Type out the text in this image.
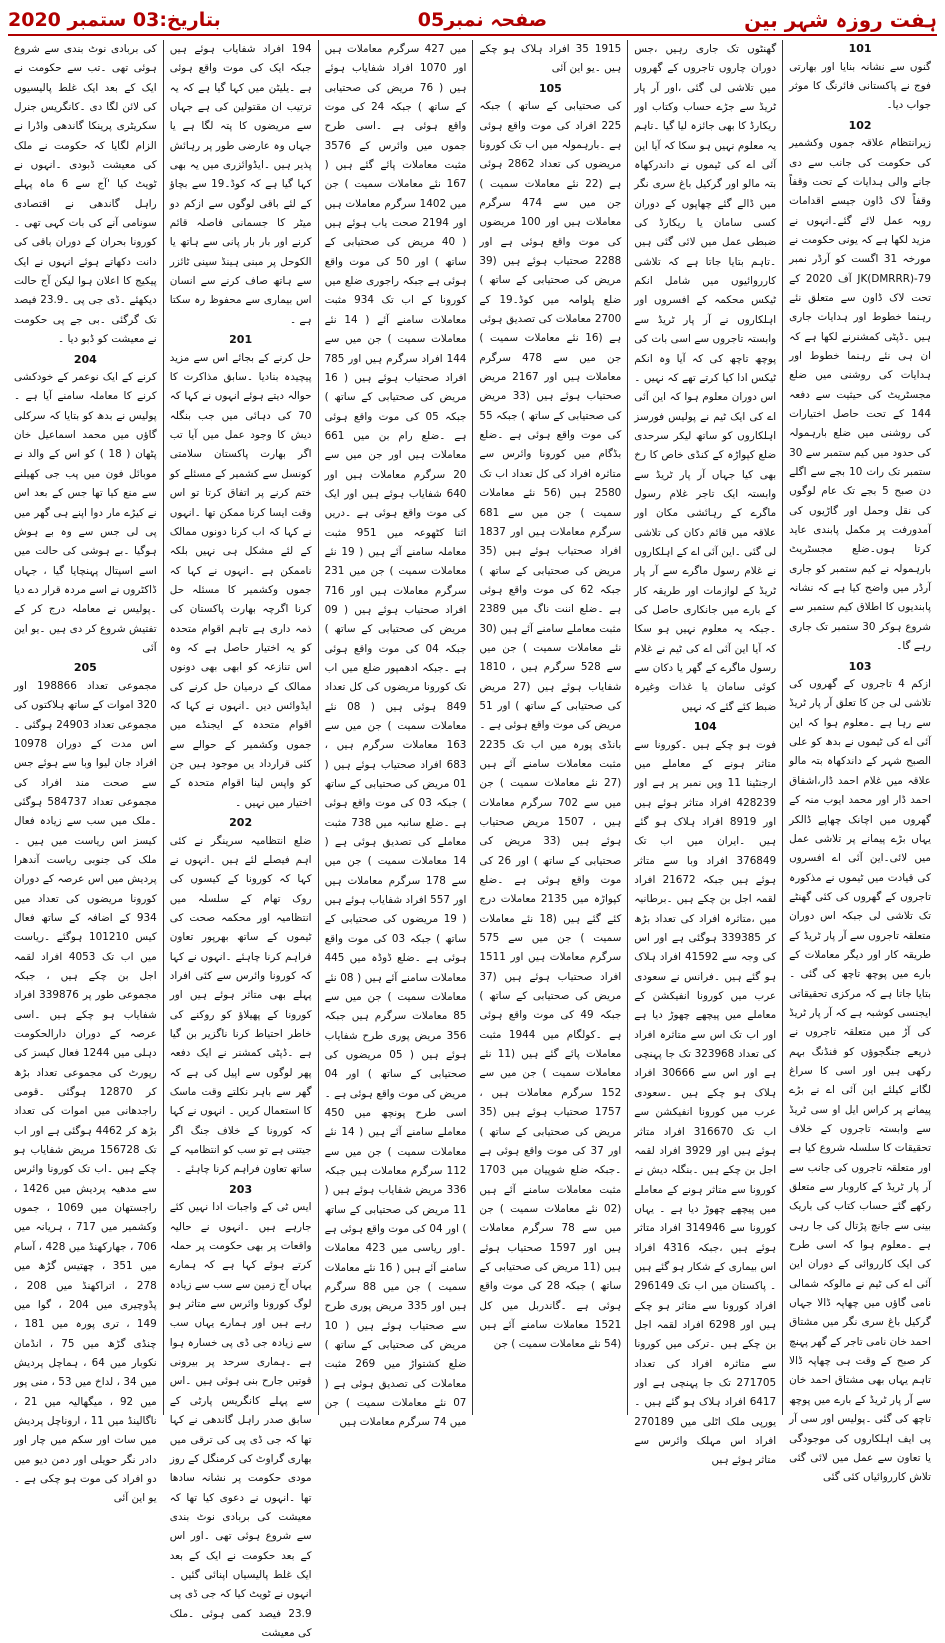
ہفت روزہ شہر بین
صفحہ نمبر05
بتاریخ:03 ستمبر 2020
101
گنوں سے نشانہ بنایا اور بھارتی فوج نے پاکستانی فائرنگ کا موثر جواب دیا۔
102
زیرانتظام علاقہ جموں وکشمیر کی حکومت کی جانب سے دی جانے والی ہدایات کے تحت وقفاً وقفاً لاک ڈاون جیسے اقدامات روبہ عمل لائے گئے۔انہوں نے مزید لکھا ہے کہ یونی حکومت نے مورخہ 31 اگست کو آرڈر نمبر 79-JK(DMRRR) آف 2020 کے تحت لاک ڈاون سے متعلق نئے رہنما خطوط اور ہدایات جاری ہیں ۔ڈپٹی کمشنرنے لکھا ہے کہ ان ہی نئے رہنما خطوط اور ہدایات کی روشنی میں ضلع مجسٹریٹ کی حیثیت سے دفعہ 144 کے تحت حاصل اختیارات کی روشنی میں ضلع بارہمولہ کی حدود میں کیم ستمبر سے 30 ستمبر تک رات 10 بجے سے اگلے دن صبح 5 بجے تک عام لوگوں کی نقل وحمل اور گاڑیوں کی آمدورفت پر مکمل پابندی عاید کرتا ہوں۔ضلع مجسٹریٹ بارہمولہ نے کیم ستمبر کو جاری آرڈر میں واضح کیا ہے کہ نشانہ پابندیوں کا اطلاق کیم ستمبر سے شروع ہوکر 30 ستمبر تک جاری رہے گا۔
103
ازکم 4 تاجروں کے گھروں کی تلاشی لی جن کا تعلق آر پار ٹریڈ سے رہا ہے ۔معلوم ہوا کہ این آئی اے کی ٹیموں نے بدھ کو علی الصبح شہر کے داندکھاہ بتہ مالو علاقہ میں غلام احمد ڈار،اشفاق احمد ڈار اور محمد ایوب منہ کے گھروں میں اچانک چھاپے ڈالکر یہاں بڑے پیمانے پر تلاشی عمل میں لائی۔این آئی اے افسروں کی قیادت میں ٹیموں نے مذکورہ تاجروں کے گھروں کی کئی گھنٹے تک تلاشی لی جبکہ اس دوران متعلقہ تاجروں سے آر پار ٹریڈ کے طریقہ کار اور دیگر معاملات کے بارے میں پوچھ تاچھ کی گئی ۔بتایا جاتا ہے کہ مرکزی تحقیقاتی ایجنسی کوشبہ ہے کہ آر پار ٹریڈ کی آڑ میں متعلقہ تاجروں نے ذریعے جنگجوؤں کو فنڈنگ بہم رکھی ہیں اور اسی کا سراغ لگانے کیلئے این آئی اے نے بڑے پیمانے پر کراس ایل او سی ٹریڈ سے وابستہ تاجروں کے خلاف تحقیقات کا سلسلہ شروع کیا ہے اور متعلقہ تاجروں کی جانب سے آر پار ٹریڈ کے کاروبار سے متعلق رکھے گئے حساب کتاب کی باریک بینی سے جانچ پڑتال کی جا رہی ہے ۔معلوم ہوا کہ اسی طرح کی ایک کارروائی کے دوران این آئی اے کی ٹیم نے مالوکہ شمالی نامی گاؤں میں چھاپہ ڈالا جہاں گرکیل باغ سری نگر میں مشتاق احمد خان نامی تاجر کے گھر پہنچ کر صبح کے وقت ہی چھاپہ ڈالا تاہم یہاں بھی مشتاق احمد خان سے آر پار ٹریڈ کے بارے میں پوچھ تاچھ کی گئی ۔پولیس اور سی آر پی ایف اہلکاروں کی موجودگی یا تعاون سے عمل میں لائی گئی تلاش کارروائیاں کئی گئی
گھنٹوں تک جاری رہیں ،جس دوران چاروں تاجروں کے گھروں میں تلاشی لی گئی ،اور آر پار ٹریڈ سے جڑے حساب وکتاب اور ریکارڈ کا بھی جائزہ لیا گیا ۔تاہم یہ معلوم نہیں ہو سکا کہ آیا این آئی اے کی ٹیموں نے داندرکھاہ بتہ مالو اور گرکیل باغ سری نگر میں ڈالے گئے چھاپوں کے دوران کسی سامان یا ریکارڈ کی ضبطی عمل میں لائی گئی ہیں ۔تاہم بتایا جاتا ہے کہ تلاشی کارروائیوں میں شامل انکم ٹیکس محکمہ کے افسروں اور اہلکاروں نے آر پار ٹریڈ سے وابستہ تاجروں سے اسی بات کی پوچھ تاچھ کی کہ آیا وہ انکم ٹیکس ادا کیا کرتے تھے کہ نہیں ۔اس دوران معلوم ہوا کہ این آئی اے کی ایک ٹیم نے پولیس فورسز اہلکاروں کو ساتھ لیکر سرحدی ضلع کپواڑہ کے کنڈی خاص کا رخ بھی کیا جہاں آر پار ٹریڈ سے وابستہ ایک تاجر غلام رسول ماگرے کے رہائشی مکان اور علاقہ میں قائم دکان کی تلاشی لی گئی ۔این آئی اے کے اہلکاروں نے غلام رسول ماگرے سے آر پار ٹریڈ کے لوازمات اور طریقہ کار کے بارے میں جانکاری حاصل کی ۔جبکہ یہ معلوم نہیں ہو سکا کہ آیا این آئی اے کی ٹیم نے غلام رسول ماگرے کے گھر یا دکان سے کوئی سامان یا غذات وغیرہ ضبط کئے گئے کہ نہیں
104
فوت ہو چکے ہیں ۔کورونا سے متاثر ہونے کے معاملے میں ارجنٹینا 11 ویں نمبر پر ہے اور 428239 افراد متاثر ہوئے ہیں اور 8919 افراد ہلاک ہو گئے ہیں ۔ایران میں اب تک 376849 افراد وبا سے متاثر ہوئے ہیں جبکہ 21672 افراد لقمہ اجل بن چکے ہیں ۔برطانیہ میں ،متاثرہ افراد کی تعداد بڑھ کر 339385 ہوگئی ہے اور اس کی وجہ سے 41592 افراد ہلاک ہو گئے ہیں ۔فرانس نے سعودی عرب میں کورونا انفیکشن کے معاملے میں پیچھے چھوڑ دیا ہے اور اب تک اس سے متاثرہ افراد کی تعداد 323968 تک جا پہنچی ہے اور اس سے 30666 افراد ہلاک ہو چکے ہیں ۔سعودی عرب میں کورونا انفیکشن سے اب تک 316670 افراد متاثر ہوئے ہیں اور 3929 افراد لقمہ اجل بن چکے ہیں ۔بنگلہ دیش نے کورونا سے متاثر ہونے کے معاملے میں پیچھے چھوڑ دیا ہے ۔ یہاں کورونا سے 314946 افراد متاثر ہوئے ہیں ،جبکہ 4316 افراد اس بیماری کے شکار ہو گئے ہیں ۔ پاکستان میں اب تک 296149 افراد کورونا سے متاثر ہو چکے ہیں اور 6298 افراد لقمہ اجل بن چکے ہیں ۔ترکی میں کورونا سے متاثرہ افراد کی تعداد 271705 تک جا پہنچی ہے اور 6417 افراد ہلاک ہو گئے ہیں ۔یورپی ملک اٹلی میں 270189 افراد اس مہلک وائرس سے متاثر ہوئے ہیں
1915 35 افراد ہلاک ہو چکے ہیں ۔یو این آئی
105
کی صحتیابی کے ساتھ ) جبکہ 225 افراد کی موت واقع ہوئی ہے ۔بارہمولہ میں اب تک کورونا مریضوں کی تعداد 2862 ہوئی ہے (22 نئے معاملات سمیت ) جن میں سے 474 سرگرم معاملات ہیں اور 100 مریضوں کی موت واقع ہوئی ہے اور 2288 صحتیاب ہوئے ہیں (39 مریض کی صحتیابی کے ساتھ ) ضلع پلوامہ میں کوڈ۔19 کے 2700 معاملات کی تصدیق ہوئی ہے (16 نئے معاملات سمیت ) جن میں سے 478 سرگرم معاملات ہیں اور 2167 مریض صحتیاب ہوئے ہیں (33 مریض کی صحتیابی کے ساتھ ) جبکہ 55 کی موت واقع ہوئی ہے ۔ضلع بڈگام میں کورونا وائرس سے متاثرہ افراد کی کل تعداد اب تک 2580 ہیں (56 نئے معاملات سمیت ) جن میں سے 681 سرگرم معاملات ہیں اور 1837 افراد صحتیاب ہوئے ہیں (35 مریض کی صحتیابی کے ساتھ ) جبکہ 62 کی موت واقع ہوئی ہے ۔ضلع اننت ناگ میں 2389 مثبت معاملے سامنے آئے ہیں (30 نئے معاملات سمیت ) جن میں سے 528 سرگرم ہیں ، 1810 شفایاب ہوئے ہیں (27 مریض کی صحتیابی کے ساتھ ) اور 51 مریض کی موت واقع ہوئی ہے ۔بانڈی پورہ میں اب تک 2235 مثبت معاملات سامنے آئے ہیں (27 نئے معاملات سمیت ) جن میں سے 702 سرگرم معاملات ہیں ، 1507 مریض صحتیاب ہوئے ہیں (33 مریض کی صحتیابی کے ساتھ ) اور 26 کی موت واقع ہوئی ہے ۔ضلع کپواڑہ میں 2135 معاملات درج کئے گئے ہیں (18 نئے معاملات سمیت ) جن میں سے 575 سرگرم معاملات ہیں اور 1511 افراد صحتیاب ہوئے ہیں (37 مریض کی صحتیابی کے ساتھ ) جبکہ 49 کی موت واقع ہوئی ہے ۔کولگام میں 1944 مثبت معاملات پائے گئے ہیں (11 نئے معاملات سمیت ) جن میں سے 152 سرگرم معاملات ہیں ، 1757 صحتیاب ہوئے ہیں (35 مریض کی صحتیابی کے ساتھ ) اور 37 کی موت واقع ہوئی ہے ۔جبکہ ضلع شوپیان میں 1703 مثبت معاملات سامنے آئے ہیں (02 نئے معاملات سمیت ) جن میں سے 78 سرگرم معاملات ہیں اور 1597 صحتیاب ہوئے ہیں (11 مریض کی صحتیابی کے ساتھ ) جبکہ 28 کی موت واقع ہوئی ہے ۔گاندربل میں کل 1521 معاملات سامنے آئے ہیں (54 نئے معاملات سمیت ) جن
میں 427 سرگرم معاملات ہیں اور 1070 افراد شفایاب ہوئے ہیں ( 76 مریض کی صحتیابی کے ساتھ ) جبکہ 24 کی موت واقع ہوئی ہے ۔اسی طرح جموں میں وائرس کے 3576 مثبت معاملات پائے گئے ہیں ( 167 نئے معاملات سمیت ) جن میں 1402 سرگرم معاملات ہیں اور 2194 صحت یاب ہوئے ہیں ( 40 مریض کی صحتیابی کے ساتھ ) اور 50 کی موت واقع ہوئی ہے جبکہ راجوری ضلع میں کورونا کے اب تک 934 مثبت معاملات سامنے آئے ( 14 نئے معاملات سمیت ) جن میں سے 144 افراد سرگرم ہیں اور 785 افراد صحتیاب ہوئے ہیں ( 16 مریض کی صحتیابی کے ساتھ ) جبکہ 05 کی موت واقع ہوئی ہے ۔ضلع رام بن میں 661 معاملات ہیں اور جن میں سے 20 سرگرم معاملات ہیں اور 640 شفایاب ہوئے ہیں اور ایک کی موت واقع ہوئی ہے ۔دریں اثنا کٹھوعہ میں 951 مثبت معاملہ سامنے آئے ہیں ( 19 نئے معاملات سمیت ) جن میں 231 سرگرم معاملات ہیں اور 716 افراد صحتیاب ہوئے ہیں ( 09 مریض کی صحتیابی کے ساتھ ) جبکہ 04 کی موت واقع ہوئی ہے ۔جبکہ ادھمپور ضلع میں اب تک کورونا مریضوں کی کل تعداد 849 ہوئی ہیں ( 08 نئے معاملات سمیت ) جن میں سے 163 معاملات سرگرم ہیں ، 683 افراد صحتیاب ہوئے ہیں ( 01 مریض کی صحتیابی کے ساتھ ) جبکہ 03 کی موت واقع ہوئی ہے ۔ضلع سانبہ میں 738 مثبت معاملے کی تصدیق ہوئی ہے ( 14 معاملات سمیت ) جن میں سے 178 سرگرم معاملات ہیں اور 557 افراد شفایاب ہوئے ہیں ( 19 مریضوں کی صحتیابی کے ساتھ ) جبکہ 03 کی موت واقع ہوئی ہے ۔ضلع ڈوڈہ میں 445 معاملات سامنے آئے ہیں ( 08 نئے معاملات سمیت ) جن میں سے 85 معاملات سرگرم ہیں جبکہ 356 مریض پوری طرح شفایاب ہوئے ہیں ( 05 مریضوں کی صحتیابی کے ساتھ ) اور 04 مریض کی موت واقع ہوئی ہے ۔اسی طرح پونچھ میں 450 معاملے سامنے آئے ہیں ( 14 نئے معاملات سمیت ) جن میں سے 112 سرگرم معاملات ہیں جبکہ 336 مریض شفایاب ہوئے ہیں ( 11 مریض کی صحتیابی کے ساتھ ) اور 04 کی موت واقع ہوئی ہے ۔اور ریاسی میں 423 معاملات سامنے آئے ہیں ( 16 نئے معاملات سمیت ) جن میں 88 سرگرم ہیں اور 335 مریض پوری طرح سے صحتیاب ہوئے ہیں ( 10 مریض کی صحتیابی کے ساتھ ) ضلع کشتواڑ میں 269 مثبت معاملات کی تصدیق ہوئی ہے ( 07 نئے معاملات سمیت ) جن میں 74 سرگرم معاملات ہیں
194 افراد شفایاب ہوئے ہیں جبکہ ایک کی موت واقع ہوئی ہے ۔یلیٹن میں کہا گیا ہے کہ یہ ترتیب ان مقتولین کی ہے جہاں سے مریضوں کا پتہ لگا ہے یا جہاں وہ عارضی طور پر رہائش پذیر ہیں ۔ایڈوائزری میں یہ بھی کہا گیا ہے کہ کوڈ۔19 سے بچاؤ کے لئے باقی لوگوں سے ازکم دو میٹر کا جسمانی فاصلہ قائم کرنے اور بار بار پانی سے ہاتھ یا الکوحل پر مبنی ہینڈ سینی ٹائزر سے ہاتھ صاف کرنے سے انسان اس بیماری سے محفوظ رہ سکتا ہے ۔
201
حل کرنے کے بجائے اس سے مزید پیچیدہ بنادیا ۔سابق مذاکرت کا حوالہ دیتے ہوئے انہوں نے کہا کہ 70 کی دہائی میں جب بنگلہ دیش کا وجود عمل میں آیا تب اگر بھارت پاکستان سلامتی کونسل سے کشمیر کے مسئلے کو ختم کرنے پر اتفاق کرتا تو اس وقت ایسا کرنا ممکن تھا ۔انہوں نے کہا کہ اب کرنا دونوں ممالک کے لئے مشکل ہی نہیں بلکہ ناممکن ہے ۔انہوں نے کہا کہ جموں وکشمیر کا مسئلہ حل کرنا اگرچہ بھارت پاکستان کی ذمہ داری ہے تاہم اقوام متحدہ کو یہ اختیار حاصل ہے کہ وہ اس تنازعہ کو ابھی بھی دونوں ممالک کے درمیان حل کرنے کی ایڈوائس دیں ۔انہوں نے کہا کہ اقوام متحدہ کے ایجنڈے میں جموں وکشمیر کے حوالے سے کئی قرارداد یں موجود ہیں جن کو واپس لینا اقوام متحدہ کے اختیار میں نہیں ۔
202
ضلع انتظامیہ سرینگر نے کئی اہم فیصلے لئے ہیں ۔انہوں نے کہا کہ کورونا کے کیسوں کی روک تھام کے سلسلہ میں انتظامیہ اور محکمہ صحت کی ٹیموں کے ساتھ بھرپور تعاون فراہم کرنا چاہئے ۔انہوں نے کہا کہ کورونا وائرس سے کئی افراد پہلے بھی متاثر ہوئے ہیں اور کورونا کے پھیلاؤ کو روکنے کی خاطر احتیاط کرنا ناگزیر بن گیا ہے ۔ڈپٹی کمشنر نے ایک دفعہ پھر لوگوں سے اپیل کی ہے کہ گھر سے باہر نکلتے وقت ماسک کا استعمال کریں ۔ انہوں نے کہا کہ کورونا کے خلاف جنگ اگر جیتنی ہے تو سب کو انتظامیہ کے ساتھ تعاون فراہم کرنا چاہئے ۔
203
ایس ٹی کے واجبات ادا نہیں کئے جارہے ہیں ۔انہوں نے حالیہ واقعات پر بھی حکومت پر حملہ کرتے ہوئے کہا ہے کہ ہمارے یہاں آج زمین سے سب سے زیادہ لوگ کورونا وائرس سے متاثر ہو رہے ہیں اور ہمارے یہاں سب سے زیادہ جی ڈی پی خسارہ ہوا ہے ۔ہماری سرحد پر بیرونی قوتیں جارح بنی ہوئی ہیں ۔اس سے پہلے کانگریس پارٹی کے سابق صدر راہل گاندھی نے کہا تھا کہ جی ڈی پی کی ترقی میں بھاری گراوٹ کی کرمنگل کے روز مودی حکومت پر نشانہ سادھا تھا ۔انہوں نے دعوی کیا تھا کہ معیشت کی بربادی نوٹ بندی سے شروع ہوئی تھی ۔اور اس کے بعد حکومت نے ایک کے بعد ایک غلط پالیسیاں اپنائی گئیں ۔انہوں نے ٹویٹ کیا کہ جی ڈی پی 23.9 فیصد کمی ہوئی ۔ملک کی معیشت
کی بربادی نوٹ بندی سے شروع ہوئی تھی ۔تب سے حکومت نے ایک کے بعد ایک غلط پالیسیوں کی لائن لگا دی ۔کانگریس جنرل سکریٹری پرینکا گاندھی واڈرا نے الزام لگایا کہ حکومت نے ملک کی معیشت ڈبودی ۔انہوں نے ٹویٹ کیا 'آج سے 6 ماہ پہلے راہل گاندھی نے اقتصادی سونامی آنے کی بات کہی تھی ۔کورونا بحران کے دوران باقی کی دانت دکھاتے ہوئے انہوں نے ایک پیکیج کا اعلان ہوا لیکن آج حالت دیکھئے ۔ڈی جی پی ۔23.9 فیصد تک گرگئی ۔بی جے پی حکومت نے معیشت کو ڈبو دیا ۔
204
کرنے کے ایک نوعمر کے خودکشی کرنے کا معاملہ سامنے آیا ہے ۔پولیس نے بدھ کو بتایا کہ سرکلی گاؤں میں محمد اسماعیل خان پٹھان ( 18 ) کو اس کے والد نے موبائل فون میں پب جی کھیلنے سے منع کیا تھا جس کے بعد اس نے کیڑے مار دوا اپنے ہی گھر میں پی لی جس سے وہ بے ہوش ہوگیا ۔بے ہوشی کی حالت میں اسے اسپتال پہنچایا گیا ، جہاں ڈاکٹروں نے اسے مردہ قرار دے دیا ۔پولیس نے معاملہ درج کر کے تفتیش شروع کر دی ہیں ۔یو این آئی
205
مجموعی تعداد 198866 اور 320 اموات کے ساتھ ہلاکتوں کی مجموعی تعداد 24903 ہوگئی ۔اس مدت کے دوران 10978 افراد جان لیوا وبا سے ہوئے جس سے صحت مند افراد کی مجموعی تعداد 584737 ہوگئی ۔ملک میں سب سے زیادہ فعال کیسز اس ریاست میں ہیں ۔ملک کی جنوبی ریاست آندھرا پردیش میں اس عرصہ کے دوران کورونا مریضوں کی تعداد میں 934 کے اضافہ کے ساتھ فعال کیس 101210 ہوگئے ۔ریاست میں اب تک 4053 افراد لقمہ اجل بن چکے ہیں ، جبکہ مجموعی طور پر 339876 افراد شفایاب ہو چکے ہیں ۔اسی عرصہ کے دوران دارالحکومت دہلی میں 1244 فعال کیسز کی رپورٹ کی مجموعی تعداد بڑھ کر 12870 ہوگئی ۔قومی راجدھانی میں اموات کی تعداد بڑھ کر 4462 ہوگئی ہے اور اب تک 156728 مریض شفایاب ہو چکے ہیں ۔اب تک کورونا وائرس سے مدھیہ پردیش میں 1426 ، راجستھان میں 1069 ، جموں وکشمیر میں 717 ، ہریانہ میں 706 ، جھارکھنڈ میں 428 ، آسام میں 351 ، چھتیس گڑھ میں 278 ، اتراکھنڈ میں 208 ، پڈوچیری میں 204 ، گوا میں 149 ، تری پورہ میں 181 ، چنڈی گڑھ میں 75 ، انڈمان نکوبار میں 64 ، ہماچل پردیش میں 34 ، لداخ میں 53 ، منی پور میں 92 ، میگھالیہ میں 21 ، ناگالینڈ میں 11 ، اروناچل پردیش میں سات اور سکم میں چار اور دادر نگر حویلی اور دمن دیو میں دو افراد کی موت ہو چکی ہے ۔یو این آئی
